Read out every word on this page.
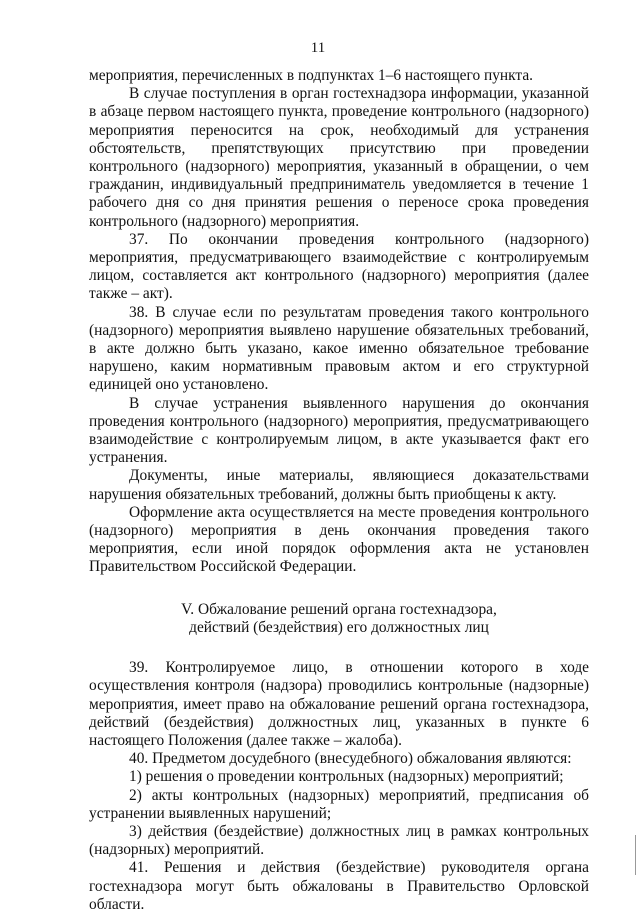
11

мероприятия, перечисленных в подпунктах 1–6 настоящего пункта.

В случае поступления в орган гостехнадзора информации, указанной в абзаце первом настоящего пункта, проведение контрольного (надзорного) мероприятия переносится на срок, необходимый для устранения обстоятельств, препятствующих присутствию при проведении контрольного (надзорного) мероприятия, указанный в обращении, о чем гражданин, индивидуальный предприниматель уведомляется в течение 1 рабочего дня со дня принятия решения о переносе срока проведения контрольного (надзорного) мероприятия.

37. По окончании проведения контрольного (надзорного) мероприятия, предусматривающего взаимодействие с контролируемым лицом, составляется акт контрольного (надзорного) мероприятия (далее также – акт).

38. В случае если по результатам проведения такого контрольного (надзорного) мероприятия выявлено нарушение обязательных требований, в акте должно быть указано, какое именно обязательное требование нарушено, каким нормативным правовым актом и его структурной единицей оно установлено.

В случае устранения выявленного нарушения до окончания проведения контрольного (надзорного) мероприятия, предусматривающего взаимодействие с контролируемым лицом, в акте указывается факт его устранения.

Документы, иные материалы, являющиеся доказательствами нарушения обязательных требований, должны быть приобщены к акту.

Оформление акта осуществляется на месте проведения контрольного (надзорного) мероприятия в день окончания проведения такого мероприятия, если иной порядок оформления акта не установлен Правительством Российской Федерации.

V. Обжалование решений органа гостехнадзора,
действий (бездействия) его должностных лиц

39. Контролируемое лицо, в отношении которого в ходе осуществления контроля (надзора) проводились контрольные (надзорные) мероприятия, имеет право на обжалование решений органа гостехнадзора, действий (бездействия) должностных лиц, указанных в пункте 6 настоящего Положения (далее также – жалоба).

40. Предметом досудебного (внесудебного) обжалования являются:

1) решения о проведении контрольных (надзорных) мероприятий;

2) акты контрольных (надзорных) мероприятий, предписания об устранении выявленных нарушений;

3) действия (бездействие) должностных лиц в рамках контрольных (надзорных) мероприятий.

41. Решения и действия (бездействие) руководителя органа гостехнадзора могут быть обжалованы в Правительство Орловской области.
